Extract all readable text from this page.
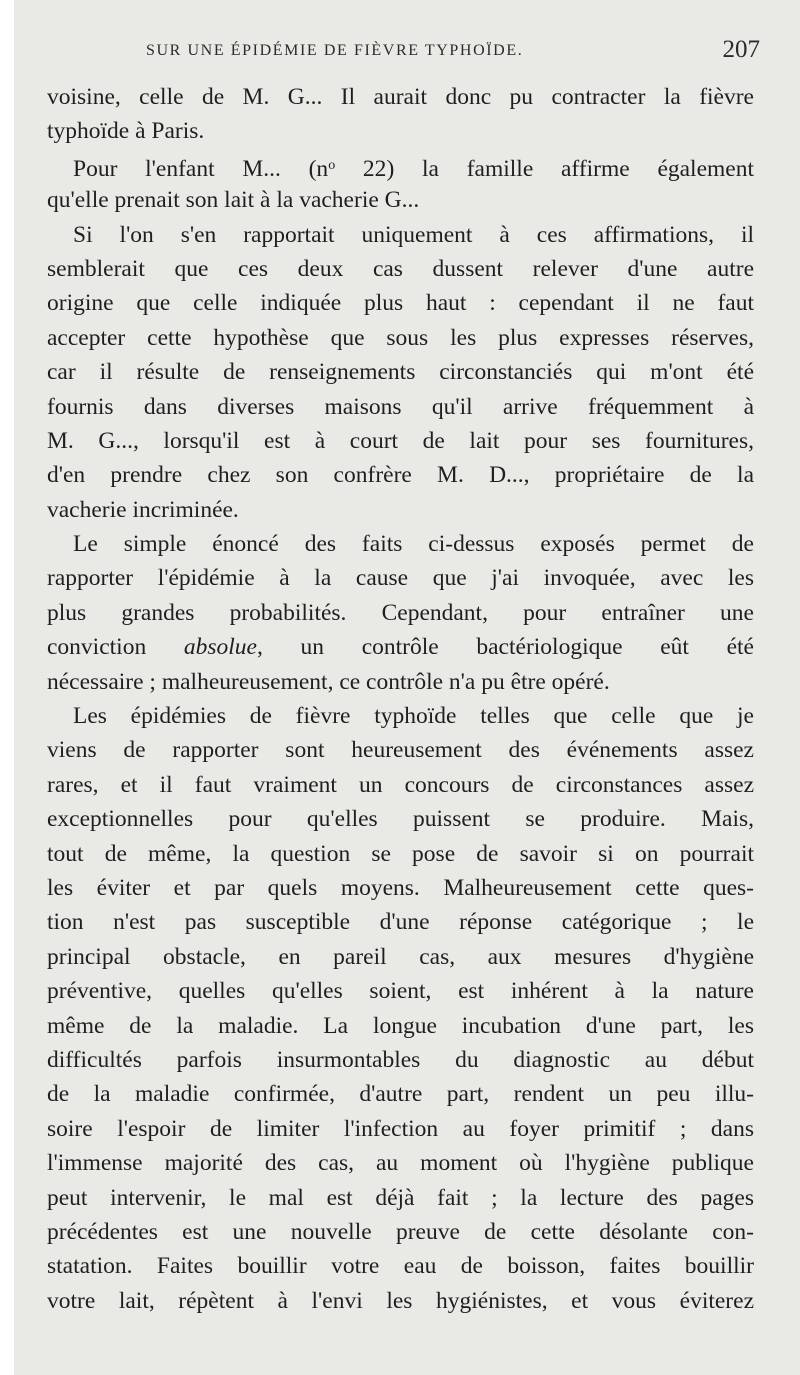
SUR UNE ÉPIDÉMIE DE FIÈVRE TYPHOÏDE.	207
voisine, celle de M. G... Il aurait donc pu contracter la fièvre
typhoïde à Paris.
Pour l'enfant M... ($n^o$ 22) la famille affirme également
qu'elle prenait son lait à la vacherie G...
Si l'on s'en rapportait uniquement à ces affirmations, il
semblerait que ces deux cas dussent relever d'une autre
origine que celle indiquée plus haut : cependant il ne faut
accepter cette hypothèse que sous les plus expresses réserves,
car il résulte de renseignements circonstanciés qui m'ont été
fournis dans diverses maisons qu'il arrive fréquemment à
M. G..., lorsqu'il est à court de lait pour ses fournitures,
d'en prendre chez son confrère M. D..., propriétaire de la
vacherie incriminée.
Le simple énoncé des faits ci-dessus exposés permet de
rapporter l'épidémie à la cause que j'ai invoquée, avec les
plus grandes probabilités. Cependant, pour entraîner une
conviction absolue, un contrôle bactériologique eût été
nécessaire ; malheureusement, ce contrôle n'a pu être opéré.
Les épidémies de fièvre typhoïde telles que celle que je
viens de rapporter sont heureusement des événements assez
rares, et il faut vraiment un concours de circonstances assez
exceptionnelles pour qu'elles puissent se produire. Mais,
tout de même, la question se pose de savoir si on pourrait
les éviter et par quels moyens. Malheureusement cette ques-
tion n'est pas susceptible d'une réponse catégorique ; le
principal obstacle, en pareil cas, aux mesures d'hygiène
préventive, quelles qu'elles soient, est inhérent à la nature
même de la maladie. La longue incubation d'une part, les
difficultés parfois insurmontables du diagnostic au début
de la maladie confirmée, d'autre part, rendent un peu illu-
soire l'espoir de limiter l'infection au foyer primitif ; dans
l'immense majorité des cas, au moment où l'hygiène publique
peut intervenir, le mal est déjà fait ; la lecture des pages
précédentes est une nouvelle preuve de cette désolante con-
statation. Faites bouillir votre eau de boisson, faites bouillir
votre lait, répètent à l'envi les hygiénistes, et vous éviterez
